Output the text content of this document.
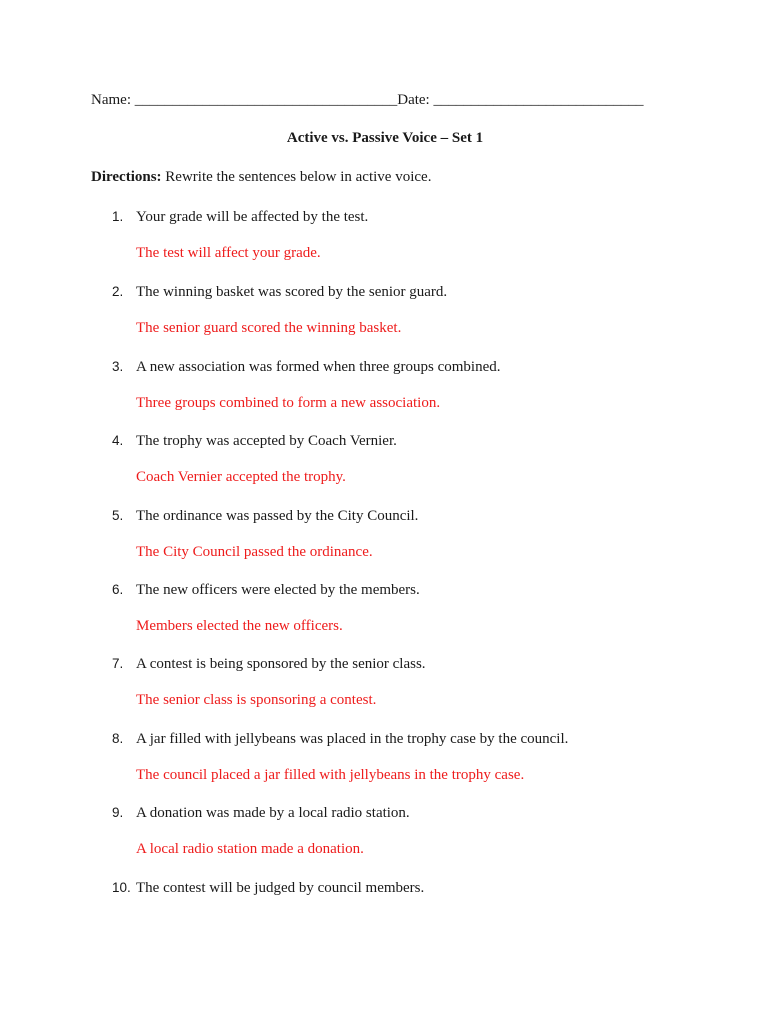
Name: ___________________________________Date: ____________________________
Active vs. Passive Voice – Set 1
Directions: Rewrite the sentences below in active voice.
1. Your grade will be affected by the test.
The test will affect your grade.
2. The winning basket was scored by the senior guard.
The senior guard scored the winning basket.
3. A new association was formed when three groups combined.
Three groups combined to form a new association.
4. The trophy was accepted by Coach Vernier.
Coach Vernier accepted the trophy.
5. The ordinance was passed by the City Council.
The City Council passed the ordinance.
6. The new officers were elected by the members.
Members elected the new officers.
7. A contest is being sponsored by the senior class.
The senior class is sponsoring a contest.
8. A jar filled with jellybeans was placed in the trophy case by the council.
The council placed a jar filled with jellybeans in the trophy case.
9. A donation was made by a local radio station.
A local radio station made a donation.
10. The contest will be judged by council members.
